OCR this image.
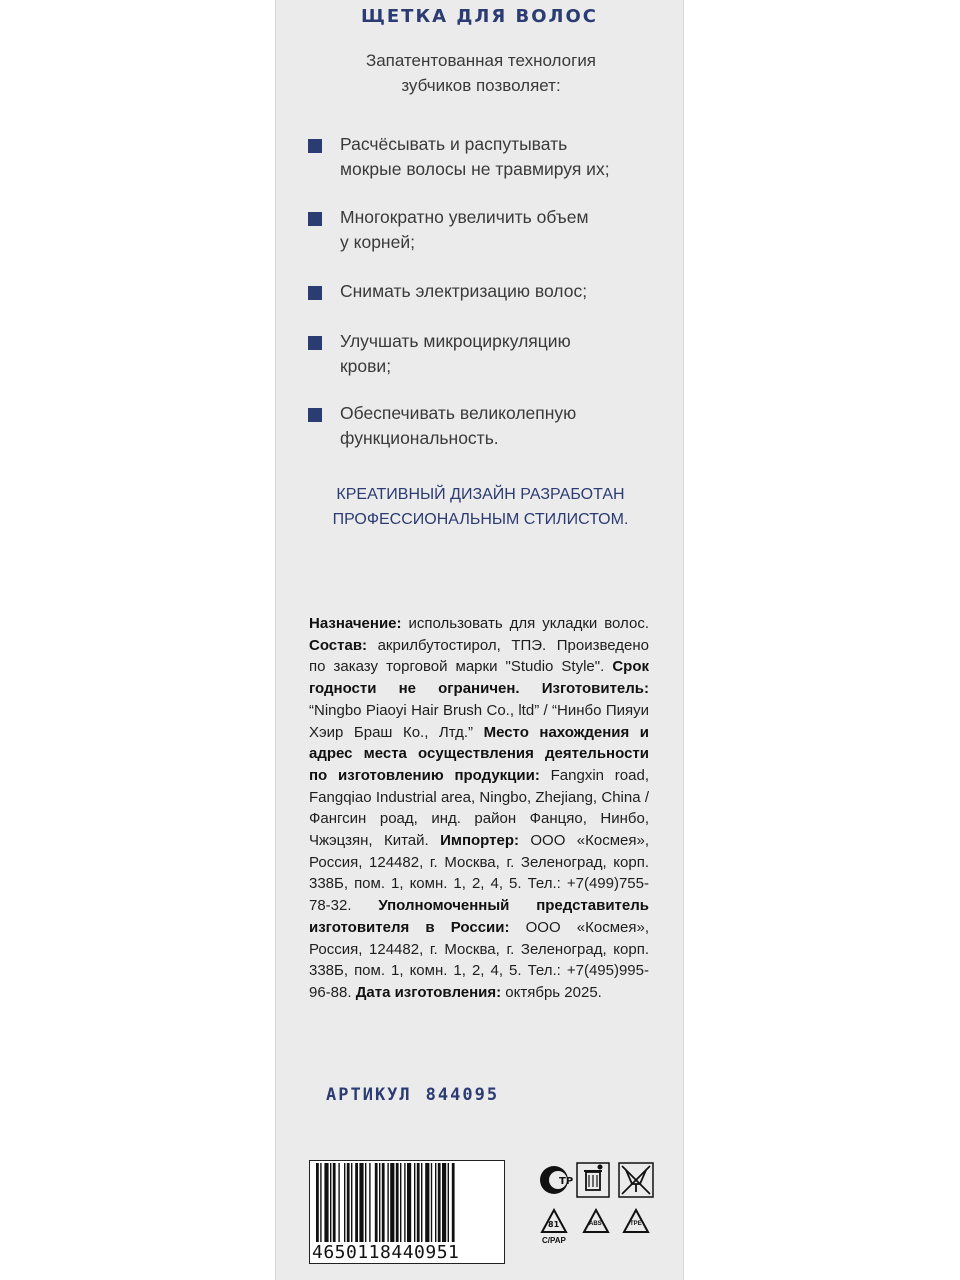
ЩЕТКА ДЛЯ ВОЛОС
Запатентованная технология
зубчиков позволяет:
Расчёсывать и распутывать
мокрые волосы не травмируя их;
Многократно увеличить объем
у корней;
Снимать электризацию волос;
Улучшать микроциркуляцию
крови;
Обеспечивать великолепную
функциональность.
КРЕАТИВНЫЙ ДИЗАЙН РАЗРАБОТАН
ПРОФЕССИОНАЛЬНЫМ СТИЛИСТОМ.
Назначение: использовать для укладки волос. Состав: акрилбутостирол, ТПЭ. Произведено по заказу торговой марки "Studio Style". Срок годности не ограничен. Изготовитель: “Ningbo Piaoyi Hair Brush Co., ltd” / “Нинбо Пияуи Хэир Браш Ко., Лтд.” Место нахождения и адрес места осуществления деятельности по изготовлению продукции: Fangxin road, Fangqiao Industrial area, Ningbo, Zhejiang, China / Фангсин роад, инд. район Фанцяо, Нинбо, Чжэцзян, Китай. Импортер: ООО «Космея», Россия, 124482, г. Москва, г. Зеленоград, корп. 338Б, пом. 1, комн. 1, 2, 4, 5. Тел.: +7(499)755-78-32. Уполномоченный представитель изготовителя в России: ООО «Космея», Россия, 124482, г. Москва, г. Зеленоград, корп. 338Б, пом. 1, комн. 1, 2, 4, 5. Тел.: +7(495)995-96-88. Дата изготовления: октябрь 2025.
АРТИКУЛ 844095
4650118440951
ТР
81
C/PAP
ABS	TPE
